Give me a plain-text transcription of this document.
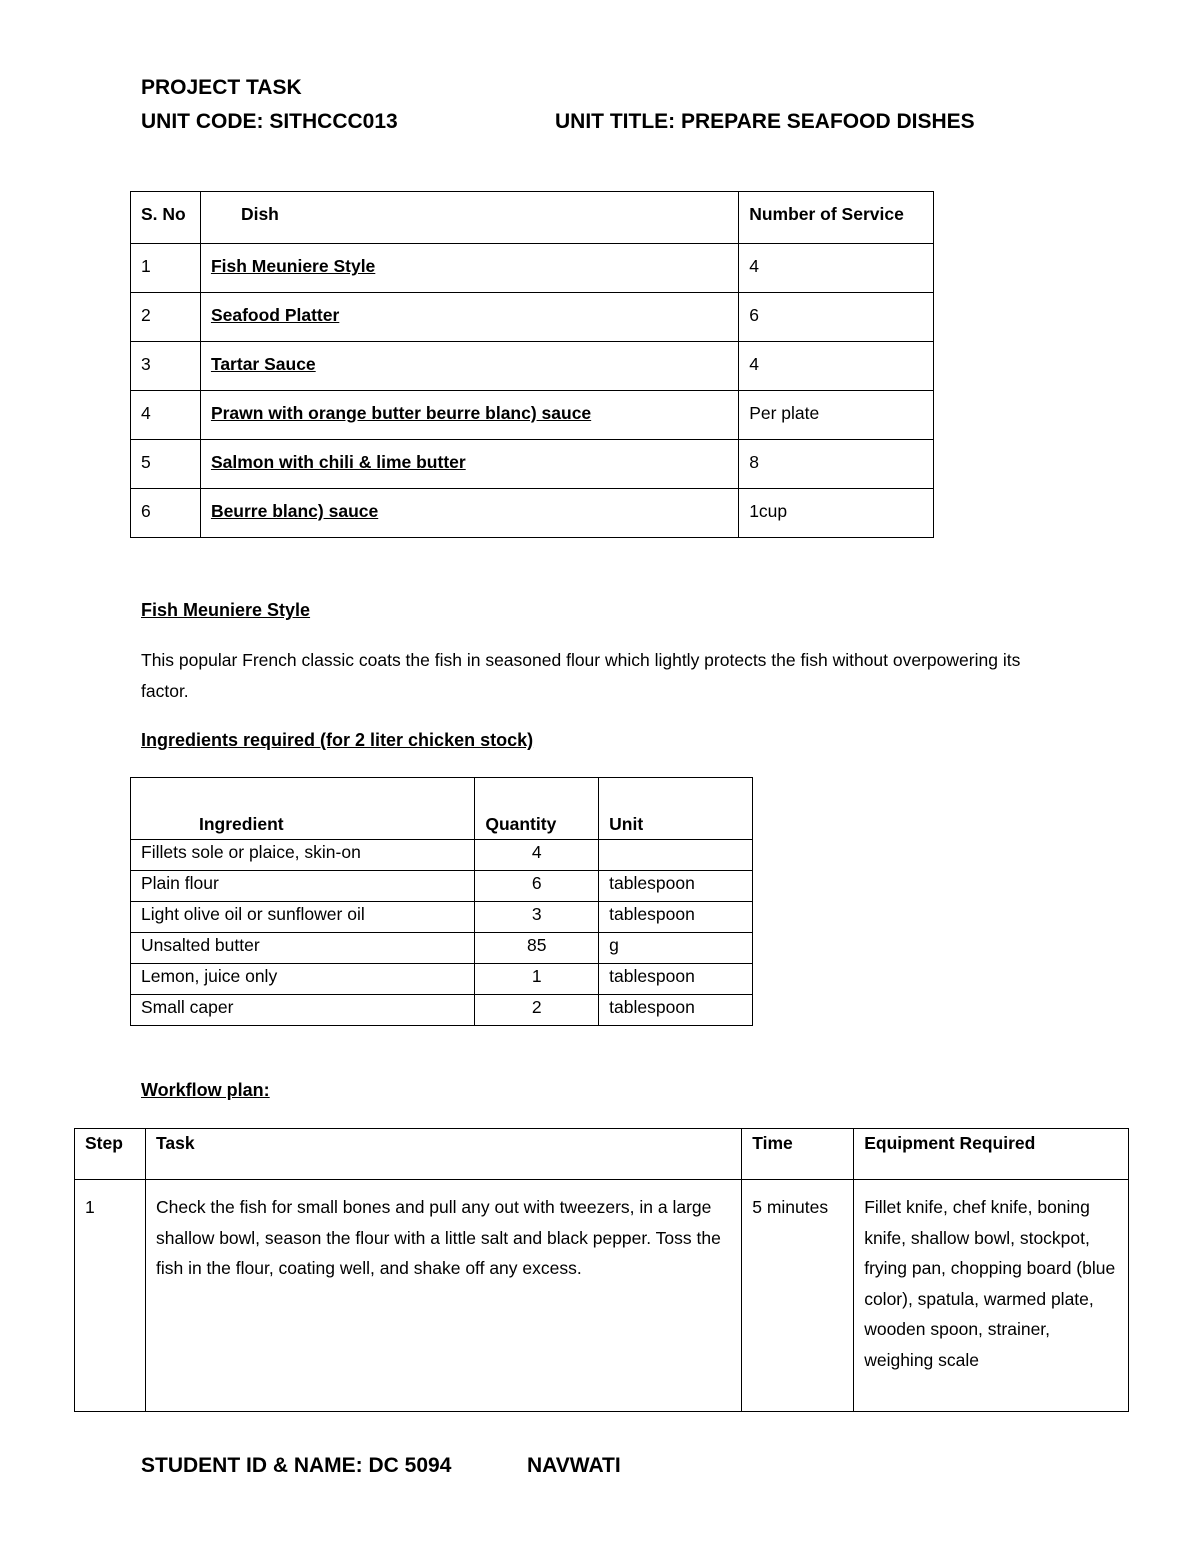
PROJECT TASK
UNIT CODE: SITHCCC013	UNIT TITLE: PREPARE SEAFOOD DISHES
S. No	Dish	Number of Service
1	Fish Meuniere Style	4
2	Seafood Platter	6
3	Tartar Sauce	4
4	Prawn with orange butter beurre blanc) sauce	Per plate
5	Salmon with chili & lime butter	8
6	Beurre blanc) sauce	1cup
Fish Meuniere Style
This popular French classic coats the fish in seasoned flour which lightly protects the fish without overpowering its factor.
Ingredients required (for 2 liter chicken stock)
Ingredient	Quantity	Unit
Fillets sole or plaice, skin-on	4	
Plain flour	6	tablespoon
Light olive oil or sunflower oil	3	tablespoon
Unsalted butter	85	g
Lemon, juice only	1	tablespoon
Small caper	2	tablespoon
Workflow plan:
Step	Task	Time	Equipment Required
1	Check the fish for small bones and pull any out with tweezers, in a large shallow bowl, season the flour with a little salt and black pepper. Toss the fish in the flour, coating well, and shake off any excess.	5 minutes	Fillet knife, chef knife, boning knife, shallow bowl, stockpot, frying pan, chopping board (blue color), spatula, warmed plate, wooden spoon, strainer, weighing scale
STUDENT ID & NAME: DC 5094	NAVWATI
